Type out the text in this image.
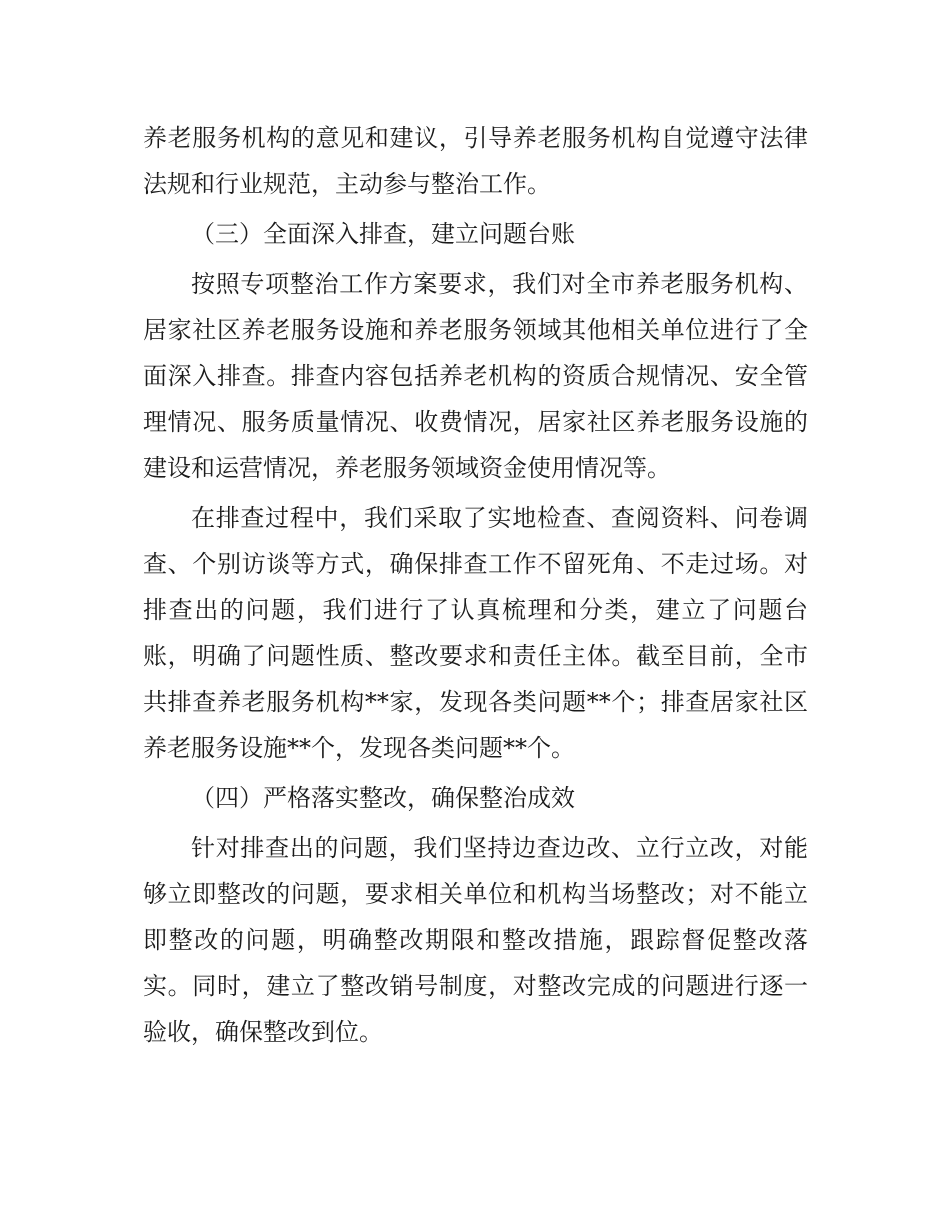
养老服务机构的意见和建议，引导养老服务机构自觉遵守法律
法规和行业规范，主动参与整治工作。
（三）全面深入排查，建立问题台账
按照专项整治工作方案要求，我们对全市养老服务机构、
居家社区养老服务设施和养老服务领域其他相关单位进行了全
面深入排查。排查内容包括养老机构的资质合规情况、安全管
理情况、服务质量情况、收费情况，居家社区养老服务设施的
建设和运营情况，养老服务领域资金使用情况等。
在排查过程中，我们采取了实地检查、查阅资料、问卷调
查、个别访谈等方式，确保排查工作不留死角、不走过场。对
排查出的问题，我们进行了认真梳理和分类，建立了问题台
账，明确了问题性质、整改要求和责任主体。截至目前，全市
共排查养老服务机构**家，发现各类问题**个；排查居家社区
养老服务设施**个，发现各类问题**个。
（四）严格落实整改，确保整治成效
针对排查出的问题，我们坚持边查边改、立行立改，对能
够立即整改的问题，要求相关单位和机构当场整改；对不能立
即整改的问题，明确整改期限和整改措施，跟踪督促整改落
实。同时，建立了整改销号制度，对整改完成的问题进行逐一
验收，确保整改到位。
